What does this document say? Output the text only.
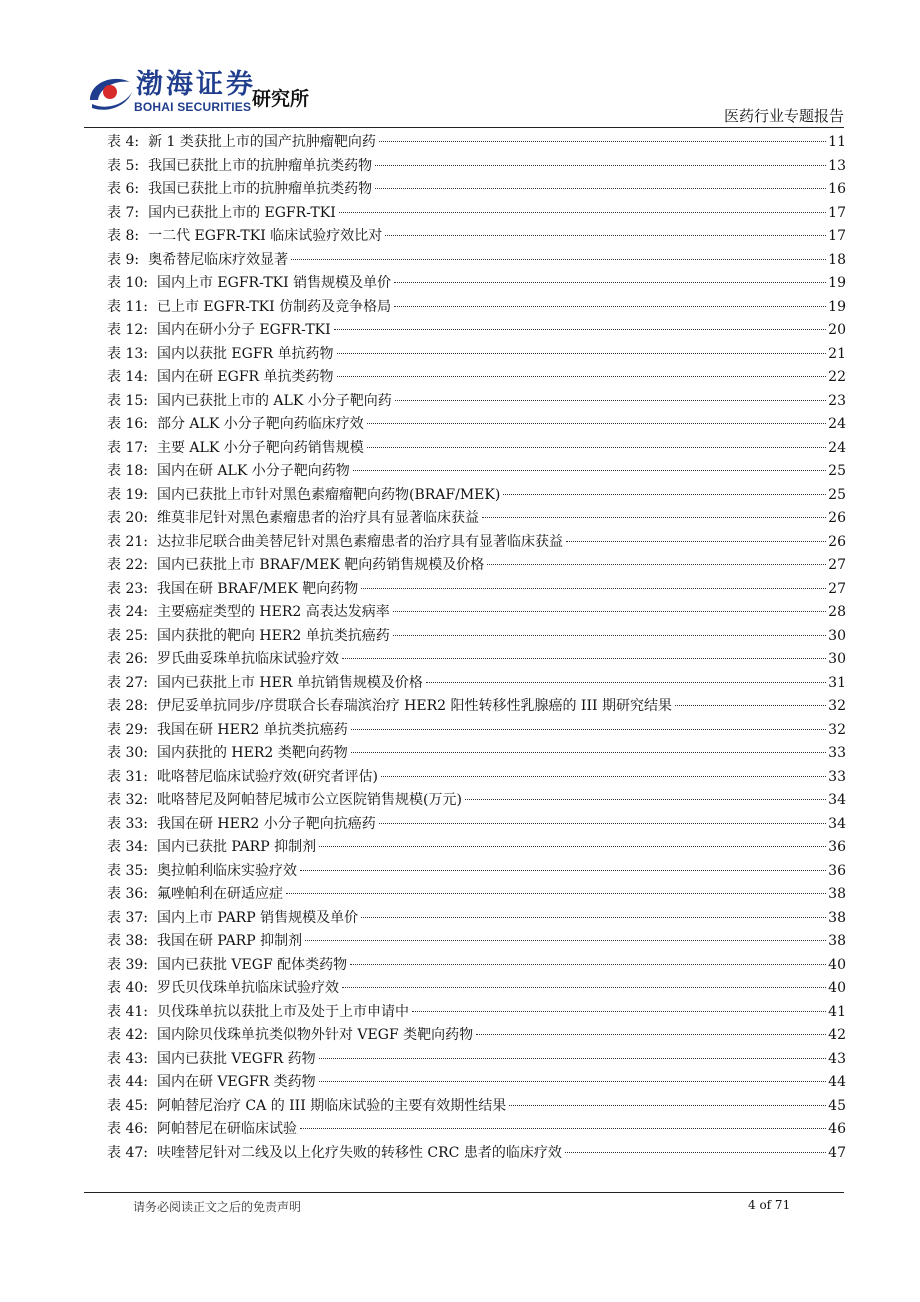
渤海证券
BOHAI SECURITIES 研究所
医药行业专题报告
表 4: 新 1 类获批上市的国产抗肿瘤靶向药	11
表 5: 我国已获批上市的抗肿瘤单抗类药物	13
表 6: 我国已获批上市的抗肿瘤单抗类药物	16
表 7: 国内已获批上市的 EGFR-TKI	17
表 8: 一二代 EGFR-TKI 临床试验疗效比对	17
表 9: 奥希替尼临床疗效显著	18
表 10: 国内上市 EGFR-TKI 销售规模及单价	19
表 11: 已上市 EGFR-TKI 仿制药及竞争格局	19
表 12: 国内在研小分子 EGFR-TKI	20
表 13: 国内以获批 EGFR 单抗药物	21
表 14: 国内在研 EGFR 单抗类药物	22
表 15: 国内已获批上市的 ALK 小分子靶向药	23
表 16: 部分 ALK 小分子靶向药临床疗效	24
表 17: 主要 ALK 小分子靶向药销售规模	24
表 18: 国内在研 ALK 小分子靶向药物	25
表 19: 国内已获批上市针对黑色素瘤瘤靶向药物(BRAF/MEK)	25
表 20: 维莫非尼针对黑色素瘤患者的治疗具有显著临床获益	26
表 21: 达拉非尼联合曲美替尼针对黑色素瘤患者的治疗具有显著临床获益	26
表 22: 国内已获批上市 BRAF/MEK 靶向药销售规模及价格	27
表 23: 我国在研 BRAF/MEK 靶向药物	27
表 24: 主要癌症类型的 HER2 高表达发病率	28
表 25: 国内获批的靶向 HER2 单抗类抗癌药	30
表 26: 罗氏曲妥珠单抗临床试验疗效	30
表 27: 国内已获批上市 HER 单抗销售规模及价格	31
表 28: 伊尼妥单抗同步/序贯联合长春瑞滨治疗 HER2 阳性转移性乳腺癌的 III 期研究结果	32
表 29: 我国在研 HER2 单抗类抗癌药	32
表 30: 国内获批的 HER2 类靶向药物	33
表 31: 吡咯替尼临床试验疗效(研究者评估)	33
表 32: 吡咯替尼及阿帕替尼城市公立医院销售规模(万元)	34
表 33: 我国在研 HER2 小分子靶向抗癌药	34
表 34: 国内已获批 PARP 抑制剂	36
表 35: 奥拉帕利临床实验疗效	36
表 36: 氟唑帕利在研适应症	38
表 37: 国内上市 PARP 销售规模及单价	38
表 38: 我国在研 PARP 抑制剂	38
表 39: 国内已获批 VEGF 配体类药物	40
表 40: 罗氏贝伐珠单抗临床试验疗效	40
表 41: 贝伐珠单抗以获批上市及处于上市申请中	41
表 42: 国内除贝伐珠单抗类似物外针对 VEGF 类靶向药物	42
表 43: 国内已获批 VEGFR 药物	43
表 44: 国内在研 VEGFR 类药物	44
表 45: 阿帕替尼治疗 CA 的 III 期临床试验的主要有效期性结果	45
表 46: 阿帕替尼在研临床试验	46
表 47: 呋喹替尼针对二线及以上化疗失败的转移性 CRC 患者的临床疗效	47
请务必阅读正文之后的免责声明	4 of 71
